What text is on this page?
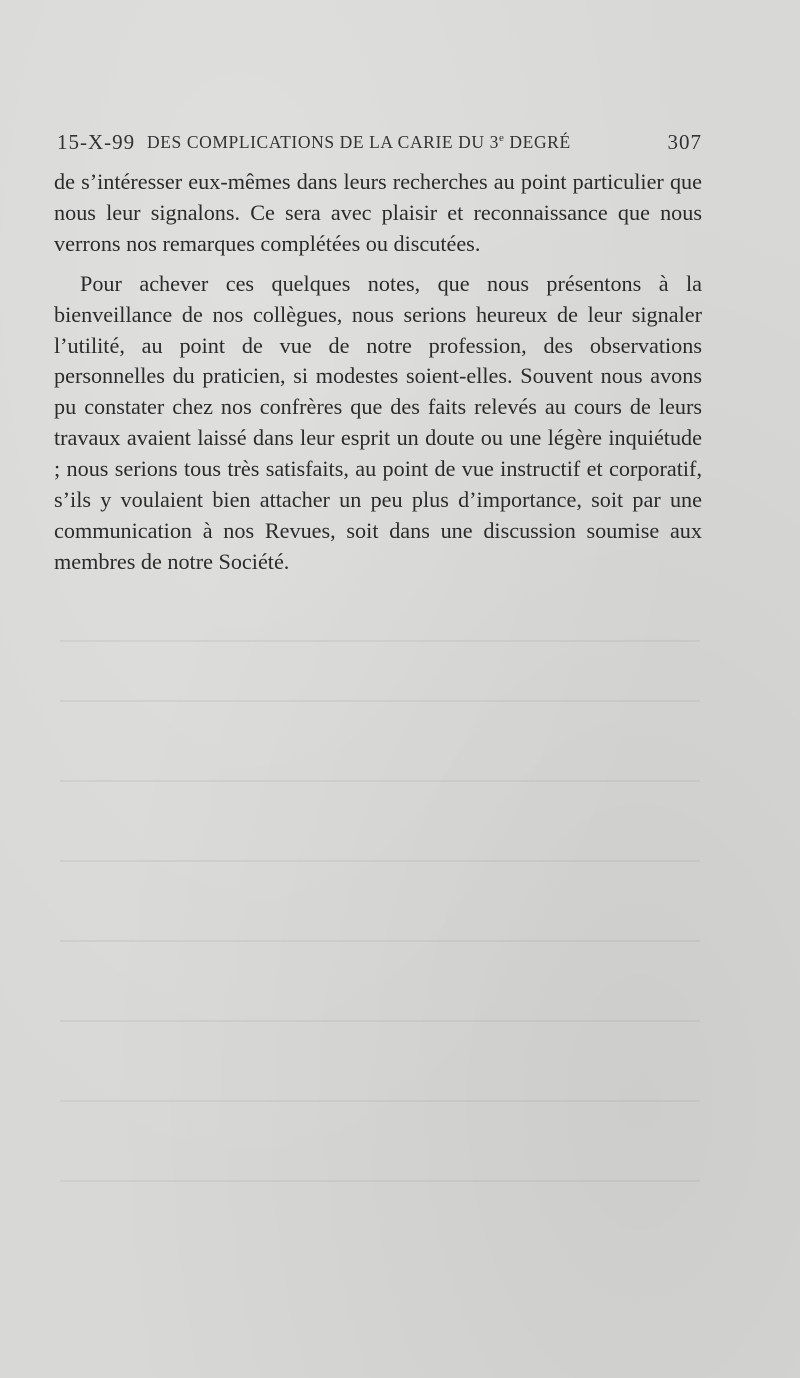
15-X-99 DES COMPLICATIONS DE LA CARIE DU 3e DEGRÉ	307

de s’intéresser eux-mêmes dans leurs recherches au point particulier que nous leur signalons. Ce sera avec plaisir et reconnaissance que nous verrons nos remarques complétées ou discutées.

Pour achever ces quelques notes, que nous présentons à la bienveillance de nos collègues, nous serions heureux de leur signaler l’utilité, au point de vue de notre profession, des observations personnelles du praticien, si modestes soient-elles. Souvent nous avons pu constater chez nos confrères que des faits relevés au cours de leurs travaux avaient laissé dans leur esprit un doute ou une légère inquiétude ; nous serions tous très satisfaits, au point de vue instructif et corporatif, s’ils y voulaient bien attacher un peu plus d’importance, soit par une communication à nos Revues, soit dans une discussion soumise aux membres de notre Société.
